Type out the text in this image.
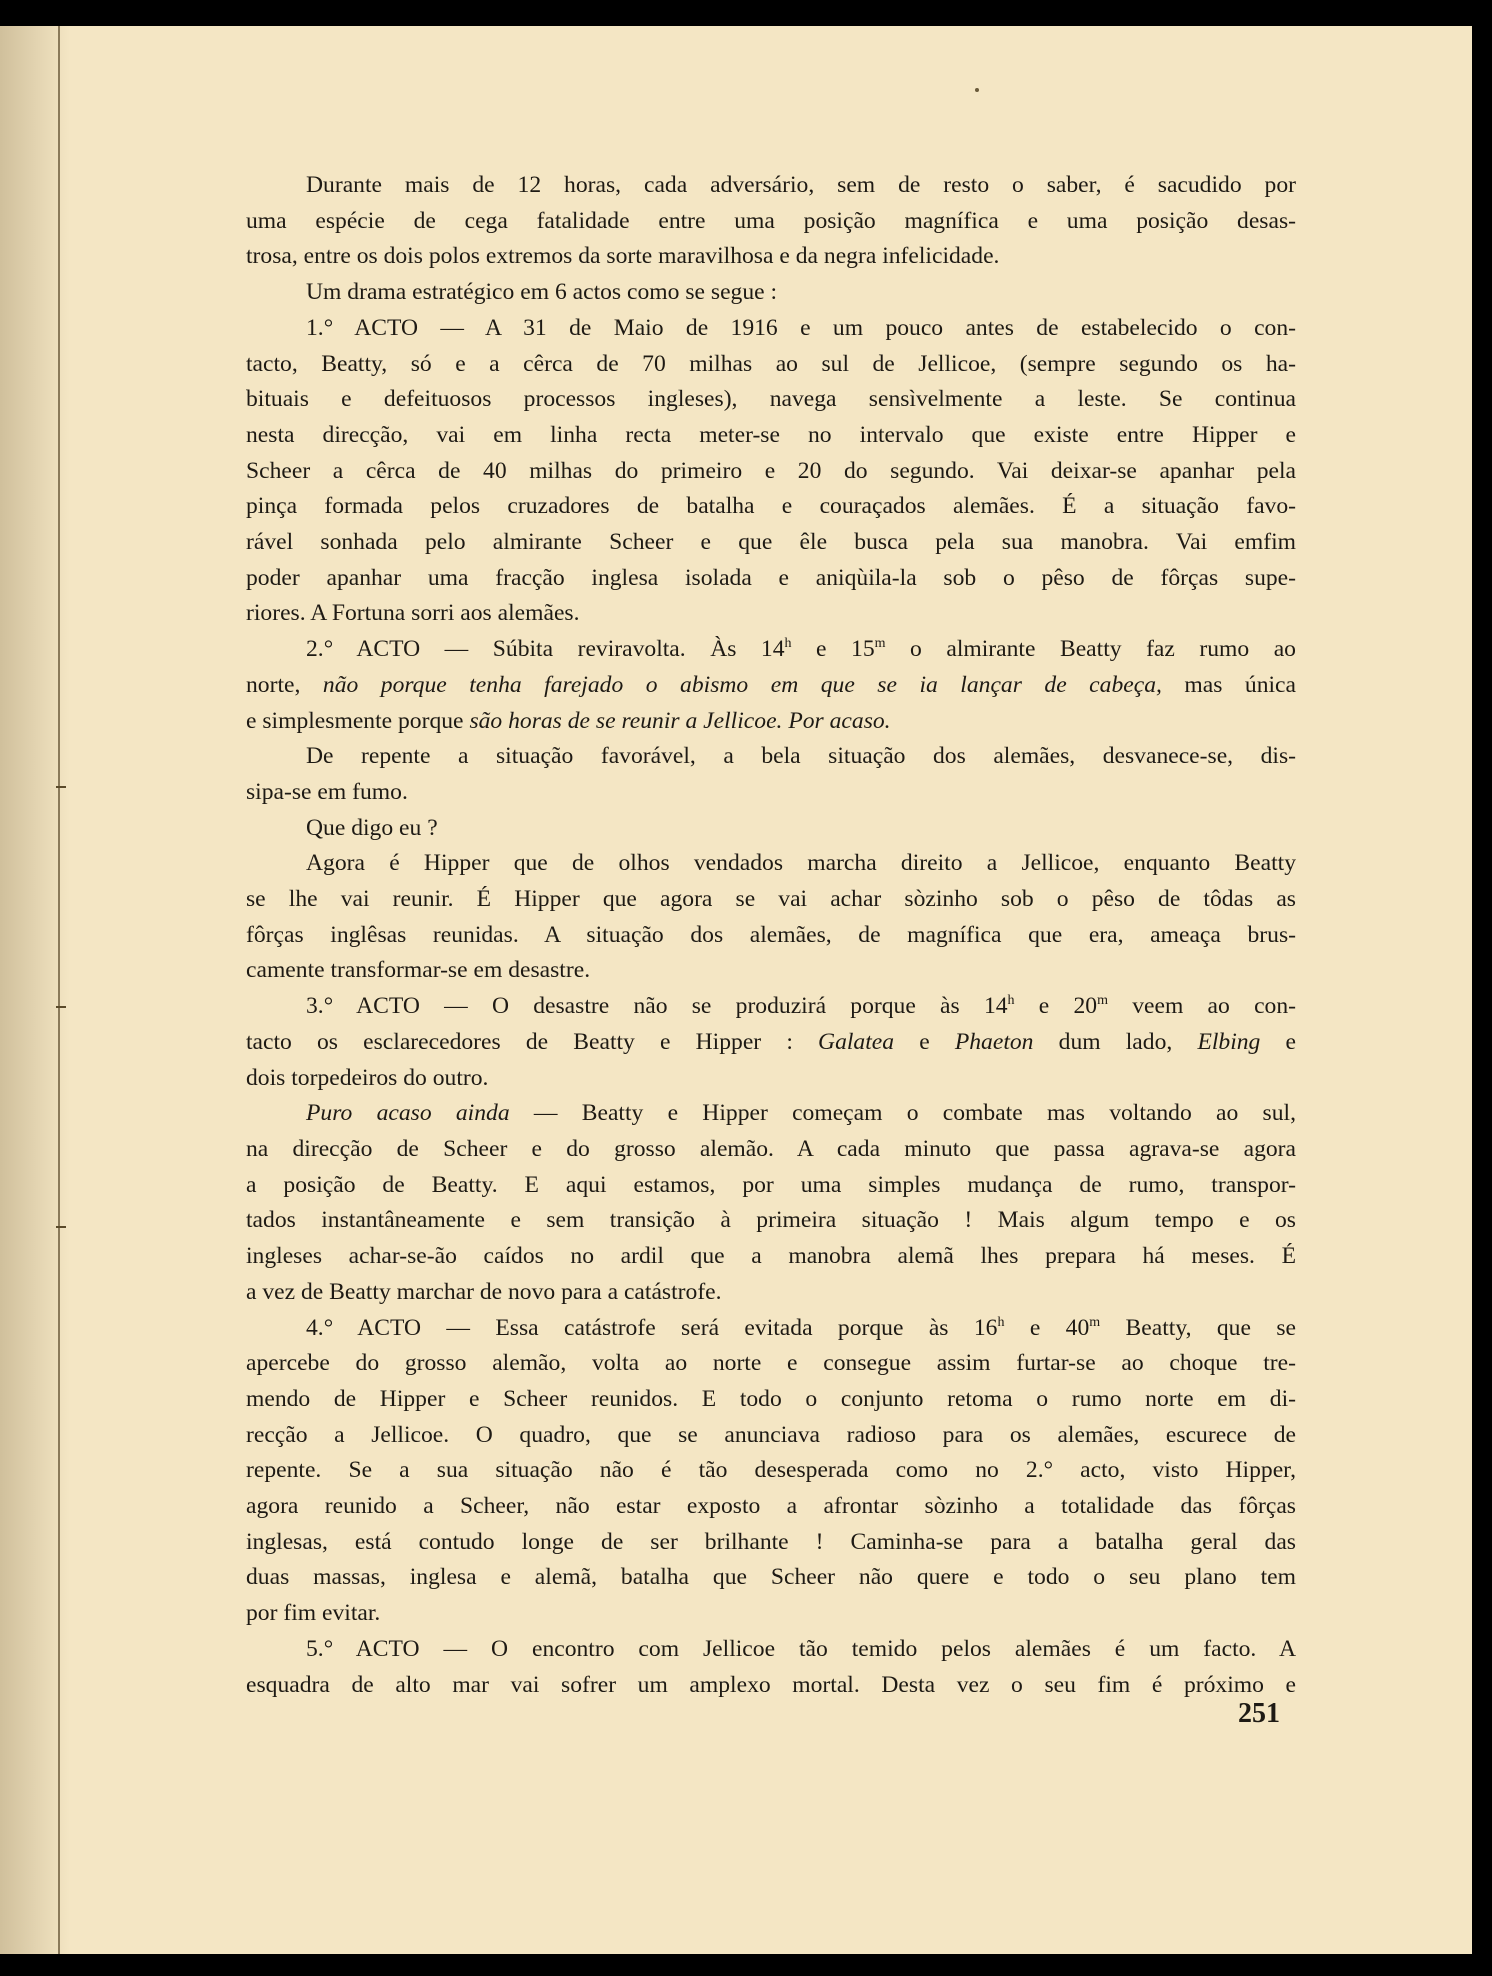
Durante mais de 12 horas, cada adversário, sem de resto o saber, é sacudido por
uma espécie de cega fatalidade entre uma posição magnífica e uma posição desas-
trosa, entre os dois polos extremos da sorte maravilhosa e da negra infelicidade.

Um drama estratégico em 6 actos como se segue :

1.° ACTO — A 31 de Maio de 1916 e um pouco antes de estabelecido o con-
tacto, Beatty, só e a cêrca de 70 milhas ao sul de Jellicoe, (sempre segundo os ha-
bituais e defeituosos processos ingleses), navega sensìvelmente a leste. Se continua
nesta direcção, vai em linha recta meter-se no intervalo que existe entre Hipper e
Scheer a cêrca de 40 milhas do primeiro e 20 do segundo. Vai deixar-se apanhar pela
pinça formada pelos cruzadores de batalha e couraçados alemães. É a situação favo-
rável sonhada pelo almirante Scheer e que êle busca pela sua manobra. Vai emfim
poder apanhar uma fracção inglesa isolada e aniqùila-la sob o pêso de fôrças supe-
riores. A Fortuna sorri aos alemães.

2.° ACTO — Súbita reviravolta. Às 14$^h$ e 15$^m$ o almirante Beatty faz rumo ao
norte, não porque tenha farejado o abismo em que se ia lançar de cabeça, mas única
e simplesmente porque são horas de se reunir a Jellicoe. Por acaso.

De repente a situação favorável, a bela situação dos alemães, desvanece-se, dis-
sipa-se em fumo.

Que digo eu ?

Agora é Hipper que de olhos vendados marcha direito a Jellicoe, enquanto Beatty
se lhe vai reunir. É Hipper que agora se vai achar sòzinho sob o pêso de tôdas as
fôrças inglêsas reunidas. A situação dos alemães, de magnífica que era, ameaça brus-
camente transformar-se em desastre.

3.° ACTO — O desastre não se produzirá porque às 14$^h$ e 20$^m$ veem ao con-
tacto os esclarecedores de Beatty e Hipper : Galatea e Phaeton dum lado, Elbing e
dois torpedeiros do outro.

Puro acaso ainda — Beatty e Hipper começam o combate mas voltando ao sul,
na direcção de Scheer e do grosso alemão. A cada minuto que passa agrava-se agora
a posição de Beatty. E aqui estamos, por uma simples mudança de rumo, transpor-
tados instantâneamente e sem transição à primeira situação ! Mais algum tempo e os
ingleses achar-se-ão caídos no ardil que a manobra alemã lhes prepara há meses. É
a vez de Beatty marchar de novo para a catástrofe.

4.° ACTO — Essa catástrofe será evitada porque às 16$^h$ e 40$^m$ Beatty, que se
apercebe do grosso alemão, volta ao norte e consegue assim furtar-se ao choque tre-
mendo de Hipper e Scheer reunidos. E todo o conjunto retoma o rumo norte em di-
recção a Jellicoe. O quadro, que se anunciava radioso para os alemães, escurece de
repente. Se a sua situação não é tão desesperada como no 2.° acto, visto Hipper,
agora reunido a Scheer, não estar exposto a afrontar sòzinho a totalidade das fôrças
inglesas, está contudo longe de ser brilhante ! Caminha-se para a batalha geral das
duas massas, inglesa e alemã, batalha que Scheer não quere e todo o seu plano tem
por fim evitar.

5.° ACTO — O encontro com Jellicoe tão temido pelos alemães é um facto. A
esquadra de alto mar vai sofrer um amplexo mortal. Desta vez o seu fim é próximo e

251
